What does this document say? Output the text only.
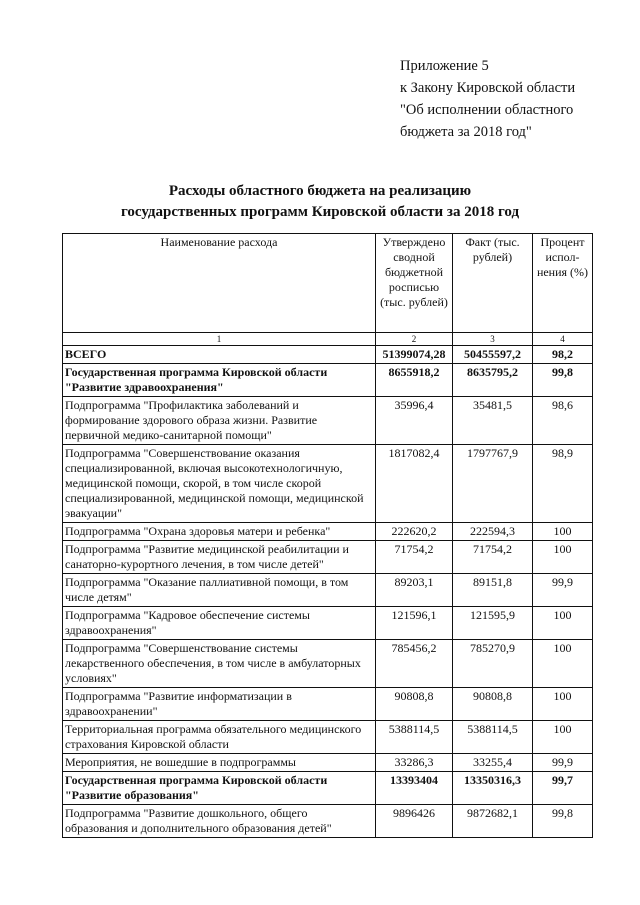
Приложение 5
к Закону Кировской области
"Об исполнении областного
бюджета за 2018 год"
Расходы областного бюджета на реализацию
государственных программ Кировской области за 2018 год
Наименование расхода	Утверждено сводной бюджетной росписью (тыс. рублей)	Факт (тыс. рублей)	Процент испол- нения (%)
1	2	3	4
ВСЕГО	51399074,28	50455597,2	98,2
Государственная программа Кировской области "Развитие здравоохранения"	8655918,2	8635795,2	99,8
Подпрограмма "Профилактика заболеваний и формирование здорового образа жизни. Развитие первичной медико-санитарной помощи"	35996,4	35481,5	98,6
Подпрограмма "Совершенствование оказания специализированной, включая высокотехнологичную, медицинской помощи, скорой, в том числе скорой специализированной, медицинской помощи, медицинской эвакуации"	1817082,4	1797767,9	98,9
Подпрограмма "Охрана здоровья матери и ребенка"	222620,2	222594,3	100
Подпрограмма "Развитие медицинской реабилитации и санаторно-курортного лечения, в том числе детей"	71754,2	71754,2	100
Подпрограмма "Оказание паллиативной помощи, в том числе детям"	89203,1	89151,8	99,9
Подпрограмма "Кадровое обеспечение системы здравоохранения"	121596,1	121595,9	100
Подпрограмма "Совершенствование системы лекарственного обеспечения, в том числе в амбулаторных условиях"	785456,2	785270,9	100
Подпрограмма "Развитие информатизации в здравоохранении"	90808,8	90808,8	100
Территориальная программа обязательного медицинского страхования Кировской области	5388114,5	5388114,5	100
Мероприятия, не вошедшие в подпрограммы	33286,3	33255,4	99,9
Государственная программа Кировской области "Развитие образования"	13393404	13350316,3	99,7
Подпрограмма "Развитие дошкольного, общего образования и дополнительного образования детей"	9896426	9872682,1	99,8
